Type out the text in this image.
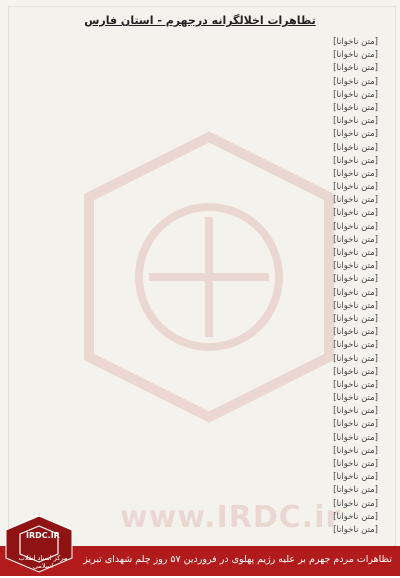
تظاهرات اخلالگرانه درجهرم - استان فارس
[متن ناخوانا]
[متن ناخوانا]
[متن ناخوانا]
[متن ناخوانا]
[متن ناخوانا]
[متن ناخوانا]
[متن ناخوانا]
[متن ناخوانا]
[متن ناخوانا]
[متن ناخوانا]
[متن ناخوانا]
[متن ناخوانا]
[متن ناخوانا]
[متن ناخوانا]
[متن ناخوانا]
[متن ناخوانا]
[متن ناخوانا]
[متن ناخوانا]
[متن ناخوانا]
[متن ناخوانا]
[متن ناخوانا]
[متن ناخوانا]
[متن ناخوانا]
[متن ناخوانا]
[متن ناخوانا]
[متن ناخوانا]
[متن ناخوانا]
[متن ناخوانا]
[متن ناخوانا]
[متن ناخوانا]
[متن ناخوانا]
[متن ناخوانا]
[متن ناخوانا]
[متن ناخوانا]
[متن ناخوانا]
[متن ناخوانا]
[متن ناخوانا]
[متن ناخوانا]
www.IRDC.ir
تظاهرات مردم جهرم بر علیه رژیم پهلوی در فروردین ۵۷ روز چلم شهدای تبریز
IRDC.IR
مرکز اسناد انقلاب اسلامی
